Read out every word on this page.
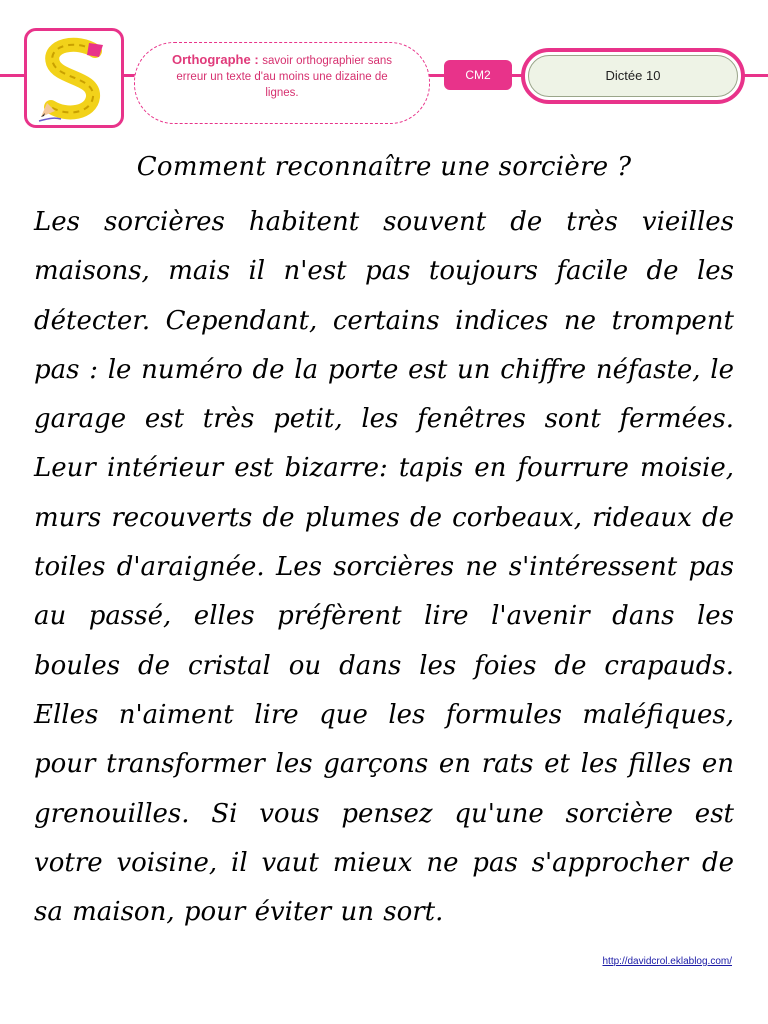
Orthographe : savoir orthographier sans erreur un texte d'au moins une dizaine de lignes.
CM2	Dictée 10
Comment reconnaître une sorcière ?

Les sorcières habitent souvent de très vieilles maisons, mais il n'est pas toujours facile de les détecter. Cependant, certains indices ne trompent pas : le numéro de la porte est un chiffre néfaste, le garage est très petit, les fenêtres sont fermées. Leur intérieur est bizarre: tapis en fourrure moisie, murs recouverts de plumes de corbeaux, rideaux de toiles d'araignée. Les sorcières ne s'intéressent pas au passé, elles préfèrent lire l'avenir dans les boules de cristal ou dans les foies de crapauds. Elles n'aiment lire que les formules maléfiques, pour transformer les garçons en rats et les filles en grenouilles. Si vous pensez qu'une sorcière est votre voisine, il vaut mieux ne pas s'approcher de sa maison, pour éviter un sort.

http://davidcrol.eklablog.com/
